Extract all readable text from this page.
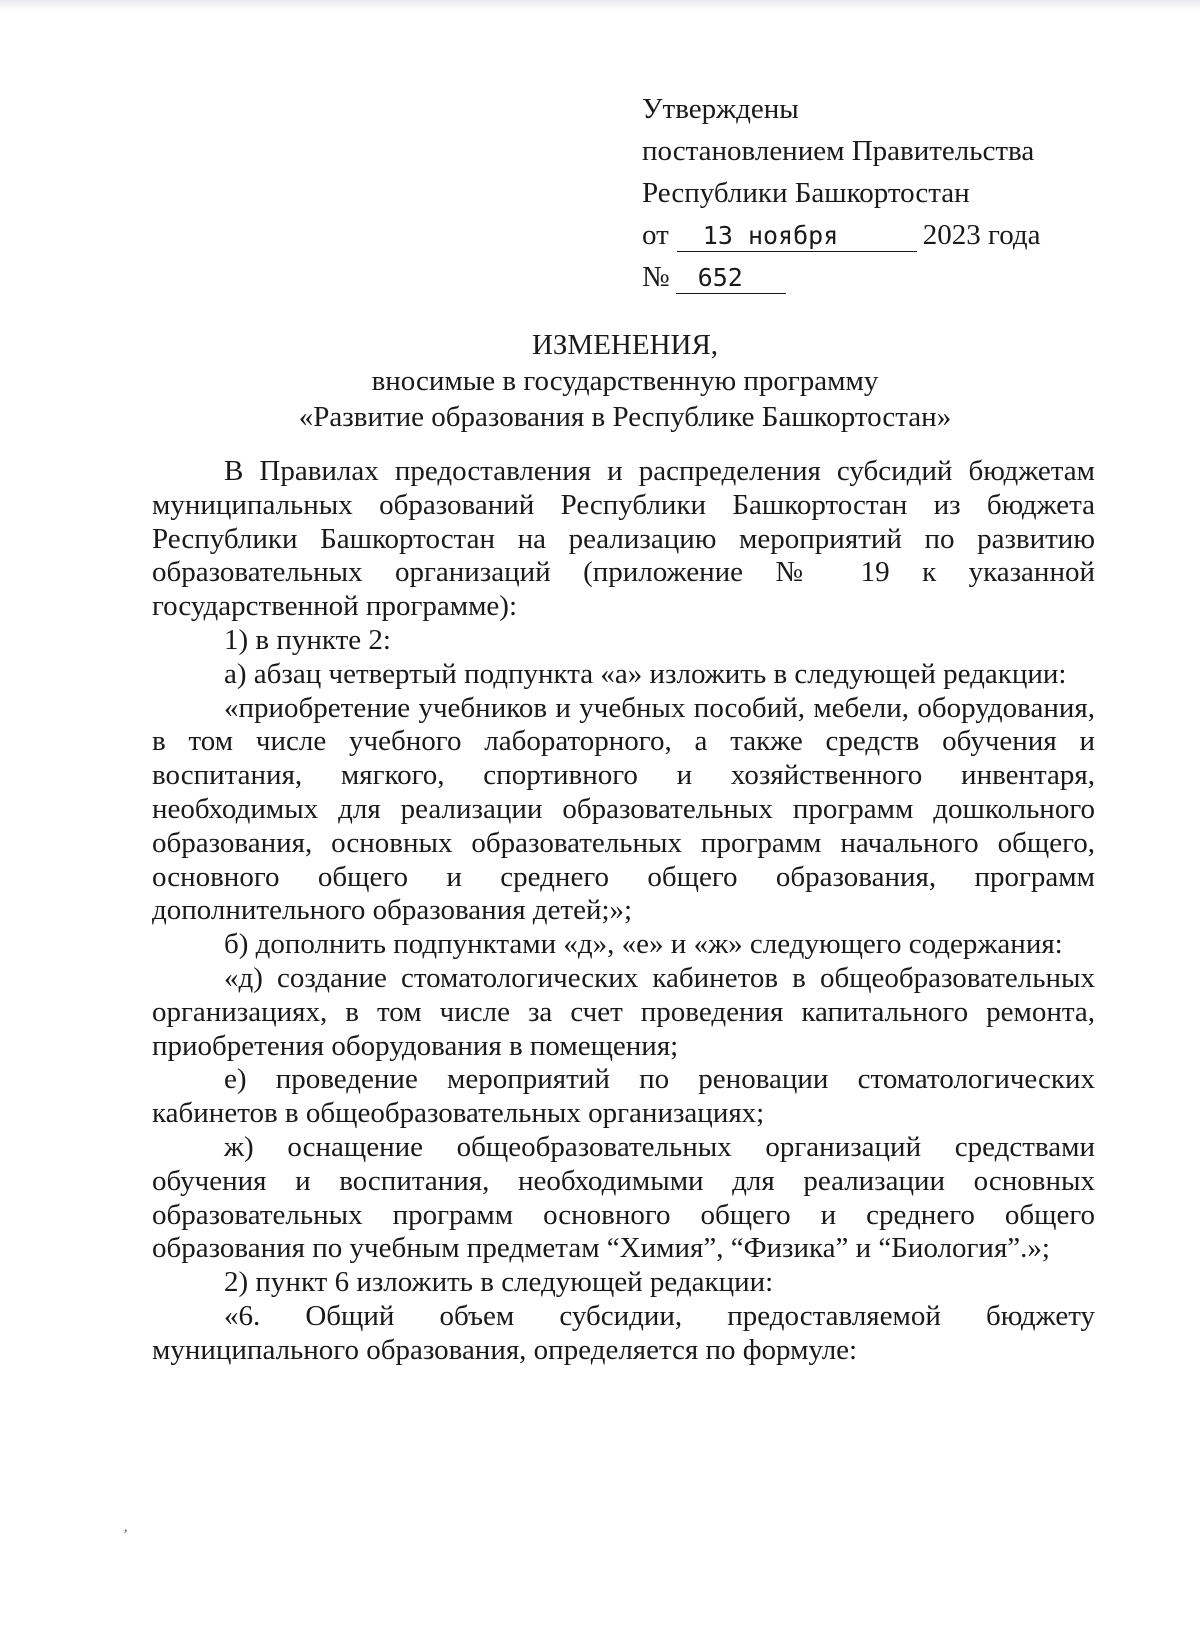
Утверждены
постановлением Правительства
Республики Башкортостан
от 13 ноября	2023 года
№ 652
ИЗМЕНЕНИЯ,
вносимые в государственную программу
«Развитие образования в Республике Башкортостан»

В Правилах предоставления и распределения субсидий бюджетам муниципальных образований Республики Башкортостан из бюджета Республики Башкортостан на реализацию мероприятий по развитию образовательных организаций (приложение № 19 к указанной государственной программе):

1) в пункте 2:

а) абзац четвертый подпункта «а» изложить в следующей редакции:

«приобретение учебников и учебных пособий, мебели, оборудования, в том числе учебного лабораторного, а также средств обучения и воспитания, мягкого, спортивного и хозяйственного инвентаря, необходимых для реализации образовательных программ дошкольного образования, основных образовательных программ начального общего, основного общего и среднего общего образования, программ дополнительного образования детей;»;

б) дополнить подпунктами «д», «е» и «ж» следующего содержания:

«д) создание стоматологических кабинетов в общеобразовательных организациях, в том числе за счет проведения капитального ремонта, приобретения оборудования в помещения;

е) проведение мероприятий по реновации стоматологических кабинетов в общеобразовательных организациях;

ж) оснащение общеобразовательных организаций средствами обучения и воспитания, необходимыми для реализации основных образовательных программ основного общего и среднего общего образования по учебным предметам “Химия”, “Физика” и “Биология”.»;

2) пункт 6 изложить в следующей редакции:

«6. Общий объем субсидии, предоставляемой бюджету муниципального образования, определяется по формуле:

,
